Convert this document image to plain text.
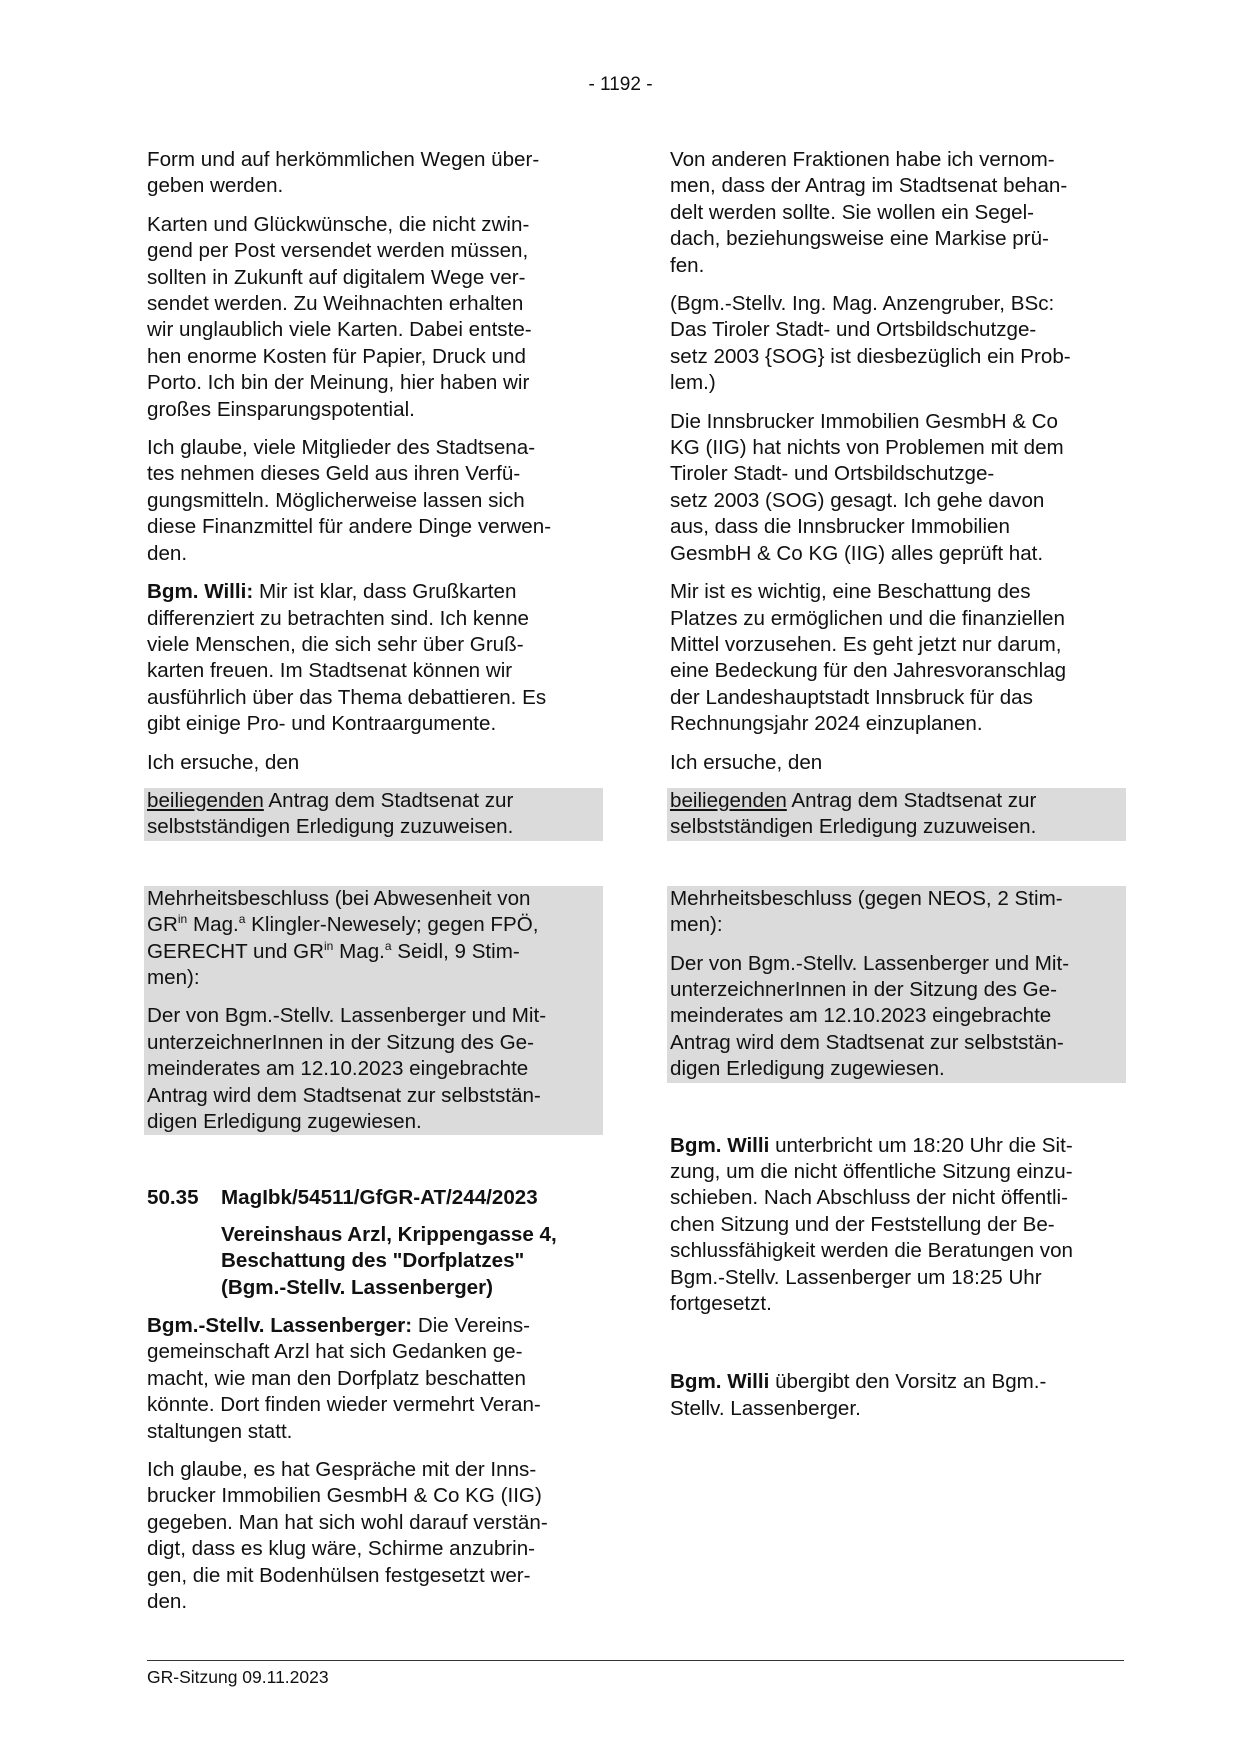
- 1192 -

Form und auf herkömmlichen Wegen über-
geben werden.

Karten und Glückwünsche, die nicht zwin-
gend per Post versendet werden müssen,
sollten in Zukunft auf digitalem Wege ver-
sendet werden. Zu Weihnachten erhalten
wir unglaublich viele Karten. Dabei entste-
hen enorme Kosten für Papier, Druck und
Porto. Ich bin der Meinung, hier haben wir
großes Einsparungspotential.

Ich glaube, viele Mitglieder des Stadtsena-
tes nehmen dieses Geld aus ihren Verfü-
gungsmitteln. Möglicherweise lassen sich
diese Finanzmittel für andere Dinge verwen-
den.

Bgm. Willi: Mir ist klar, dass Grußkarten
differenziert zu betrachten sind. Ich kenne
viele Menschen, die sich sehr über Gruß-
karten freuen. Im Stadtsenat können wir
ausführlich über das Thema debattieren. Es
gibt einige Pro- und Kontraargumente.

Ich ersuche, den

beiliegenden Antrag dem Stadtsenat zur
selbstständigen Erledigung zuzuweisen.

Mehrheitsbeschluss (bei Abwesenheit von
$GR^{in}$ Mag.$^a$ Klingler-Newesely; gegen FPÖ,
GERECHT und $GR^{in}$ Mag.$^a$ Seidl, 9 Stim-
men):

Der von Bgm.-Stellv. Lassenberger und Mit-
unterzeichnerInnen in der Sitzung des Ge-
meinderates am 12.10.2023 eingebrachte
Antrag wird dem Stadtsenat zur selbststän-
digen Erledigung zugewiesen.

50.35	MagIbk/54511/GfGR-AT/244/2023
Vereinshaus Arzl, Krippengasse 4,
Beschattung des "Dorfplatzes"
(Bgm.-Stellv. Lassenberger)

Bgm.-Stellv. Lassenberger: Die Vereins-
gemeinschaft Arzl hat sich Gedanken ge-
macht, wie man den Dorfplatz beschatten
könnte. Dort finden wieder vermehrt Veran-
staltungen statt.

Ich glaube, es hat Gespräche mit der Inns-
brucker Immobilien GesmbH & Co KG (IIG)
gegeben. Man hat sich wohl darauf verstän-
digt, dass es klug wäre, Schirme anzubrin-
gen, die mit Bodenhülsen festgesetzt wer-
den.

Von anderen Fraktionen habe ich vernom-
men, dass der Antrag im Stadtsenat behan-
delt werden sollte. Sie wollen ein Segel-
dach, beziehungsweise eine Markise prü-
fen.

(Bgm.-Stellv. Ing. Mag. Anzengruber, BSc:
Das Tiroler Stadt- und Ortsbildschutzge-
setz 2003 {SOG} ist diesbezüglich ein Prob-
lem.)

Die Innsbrucker Immobilien GesmbH & Co
KG (IIG) hat nichts von Problemen mit dem
Tiroler Stadt- und Ortsbildschutzge-
setz 2003 (SOG) gesagt. Ich gehe davon
aus, dass die Innsbrucker Immobilien
GesmbH & Co KG (IIG) alles geprüft hat.

Mir ist es wichtig, eine Beschattung des
Platzes zu ermöglichen und die finanziellen
Mittel vorzusehen. Es geht jetzt nur darum,
eine Bedeckung für den Jahresvoranschlag
der Landeshauptstadt Innsbruck für das
Rechnungsjahr 2024 einzuplanen.

Ich ersuche, den

beiliegenden Antrag dem Stadtsenat zur
selbstständigen Erledigung zuzuweisen.

Mehrheitsbeschluss (gegen NEOS, 2 Stim-
men):

Der von Bgm.-Stellv. Lassenberger und Mit-
unterzeichnerInnen in der Sitzung des Ge-
meinderates am 12.10.2023 eingebrachte
Antrag wird dem Stadtsenat zur selbststän-
digen Erledigung zugewiesen.

Bgm. Willi unterbricht um 18:20 Uhr die Sit-
zung, um die nicht öffentliche Sitzung einzu-
schieben. Nach Abschluss der nicht öffentli-
chen Sitzung und der Feststellung der Be-
schlussfähigkeit werden die Beratungen von
Bgm.-Stellv. Lassenberger um 18:25 Uhr
fortgesetzt.

Bgm. Willi übergibt den Vorsitz an Bgm.-
Stellv. Lassenberger.

GR-Sitzung 09.11.2023
